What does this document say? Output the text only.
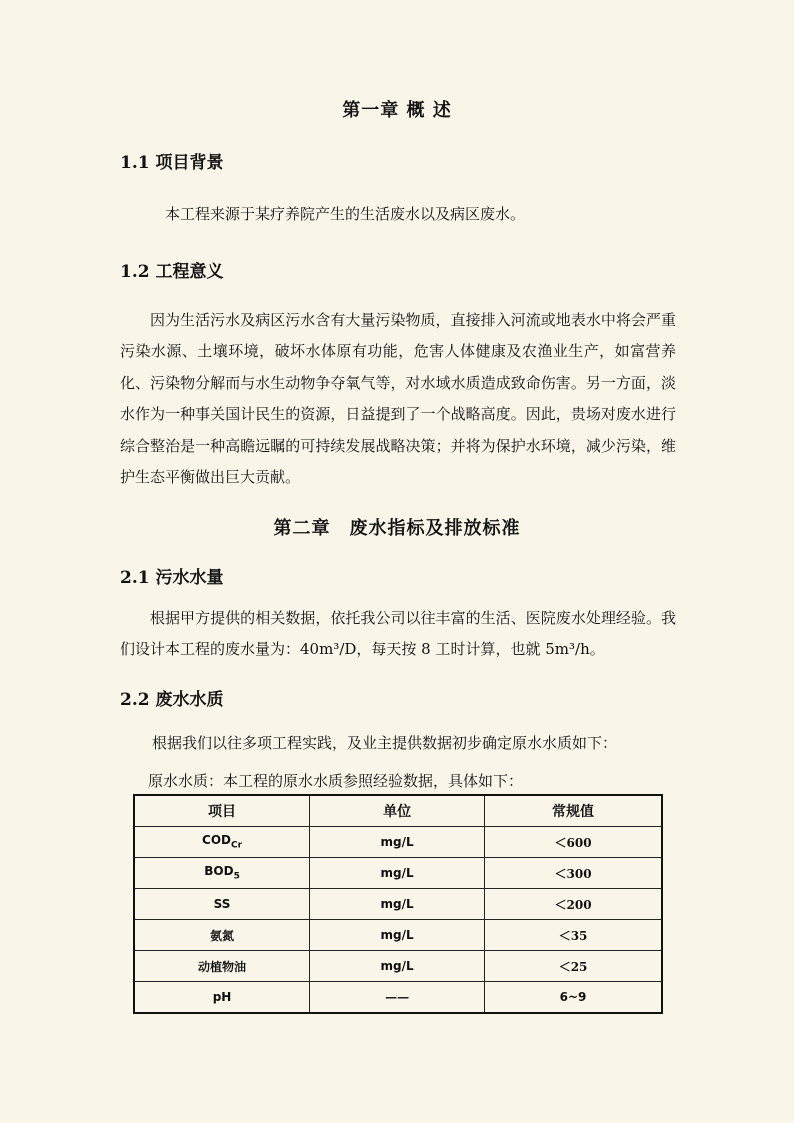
第一章 概 述
1.1 项目背景
本工程来源于某疗养院产生的生活废水以及病区废水。
1.2 工程意义

因为生活污水及病区污水含有大量污染物质，直接排入河流或地表水中将会严重污染水源、土壤环境，破坏水体原有功能，危害人体健康及农渔业生产，如富营养化、污染物分解而与水生动物争夺氧气等，对水域水质造成致命伤害。另一方面，淡水作为一种事关国计民生的资源，日益提到了一个战略高度。因此，贵场对废水进行综合整治是一种高瞻远瞩的可持续发展战略决策；并将为保护水环境，减少污染，维护生态平衡做出巨大贡献。

第二章　废水指标及排放标准
2.1 污水水量

根据甲方提供的相关数据，依托我公司以往丰富的生活、医院废水处理经验。我们设计本工程的废水量为：40m³/D，每天按 8 工时计算，也就 5m³/h。

2.2 废水水质
根据我们以往多项工程实践，及业主提供数据初步确定原水水质如下：
原水水质：本工程的原水水质参照经验数据，具体如下：
项目	单位	常规值
$COD_{Cr}$	mg/L	＜600
$BOD_5$	mg/L	＜300
SS	mg/L	＜200
氨氮	mg/L	＜35
动植物油	mg/L	＜25
pH	——	6~9
